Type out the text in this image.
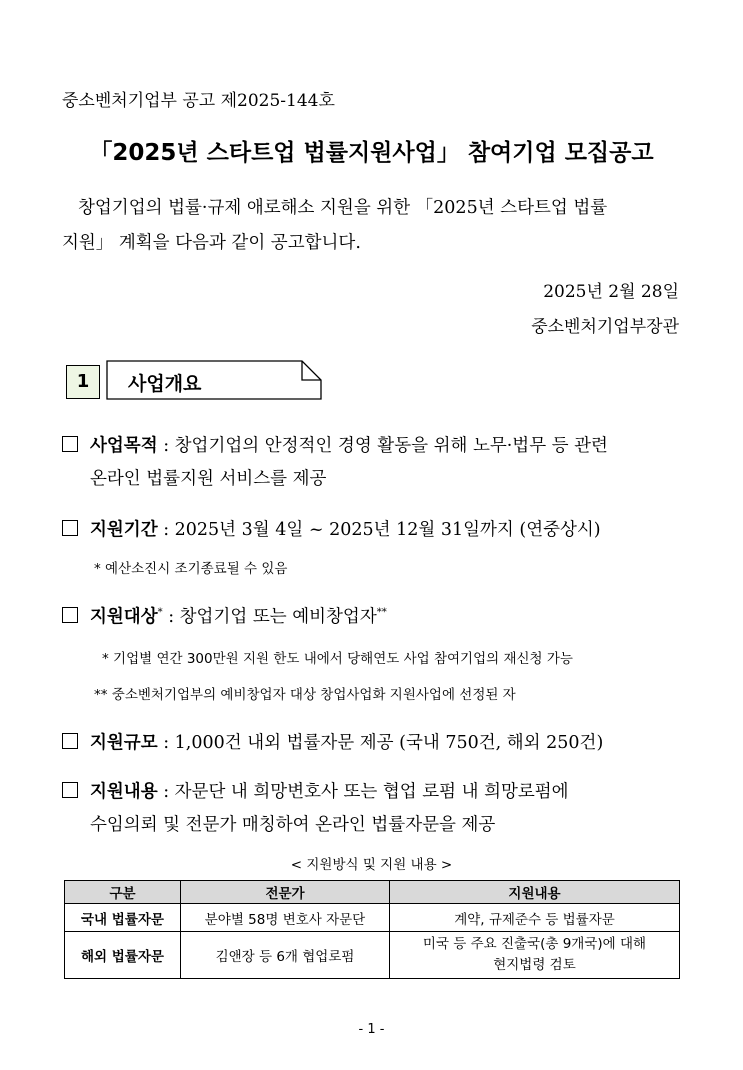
중소벤처기업부 공고 제2025-144호
「2025년 스타트업 법률지원사업」 참여기업 모집공고
창업기업의 법률·규제 애로해소 지원을 위한 「2025년 스타트업 법률
지원」 계획을 다음과 같이 공고합니다.
2025년 2월 28일
중소벤처기업부장관
1	사업개요
사업목적 : 창업기업의 안정적인 경영 활동을 위해 노무·법무 등 관련
온라인 법률지원 서비스를 제공
지원기간 : 2025년 3월 4일 ~ 2025년 12월 31일까지 (연중상시)
* 예산소진시 조기종료될 수 있음
지원대상* : 창업기업 또는 예비창업자**
* 기업별 연간 300만원 지원 한도 내에서 당해연도 사업 참여기업의 재신청 가능
** 중소벤처기업부의 예비창업자 대상 창업사업화 지원사업에 선정된 자
지원규모 : 1,000건 내외 법률자문 제공 (국내 750건, 해외 250건)
지원내용 : 자문단 내 희망변호사 또는 협업 로펌 내 희망로펌에
수임의뢰 및 전문가 매칭하여 온라인 법률자문을 제공
< 지원방식 및 지원 내용 >
구분	전문가	지원내용
국내 법률자문	분야별 58명 변호사 자문단	계약, 규제준수 등 법률자문
해외 법률자문	김앤장 등 6개 협업로펌	미국 등 주요 진출국(총 9개국)에 대해
현지법령 검토
- 1 -
